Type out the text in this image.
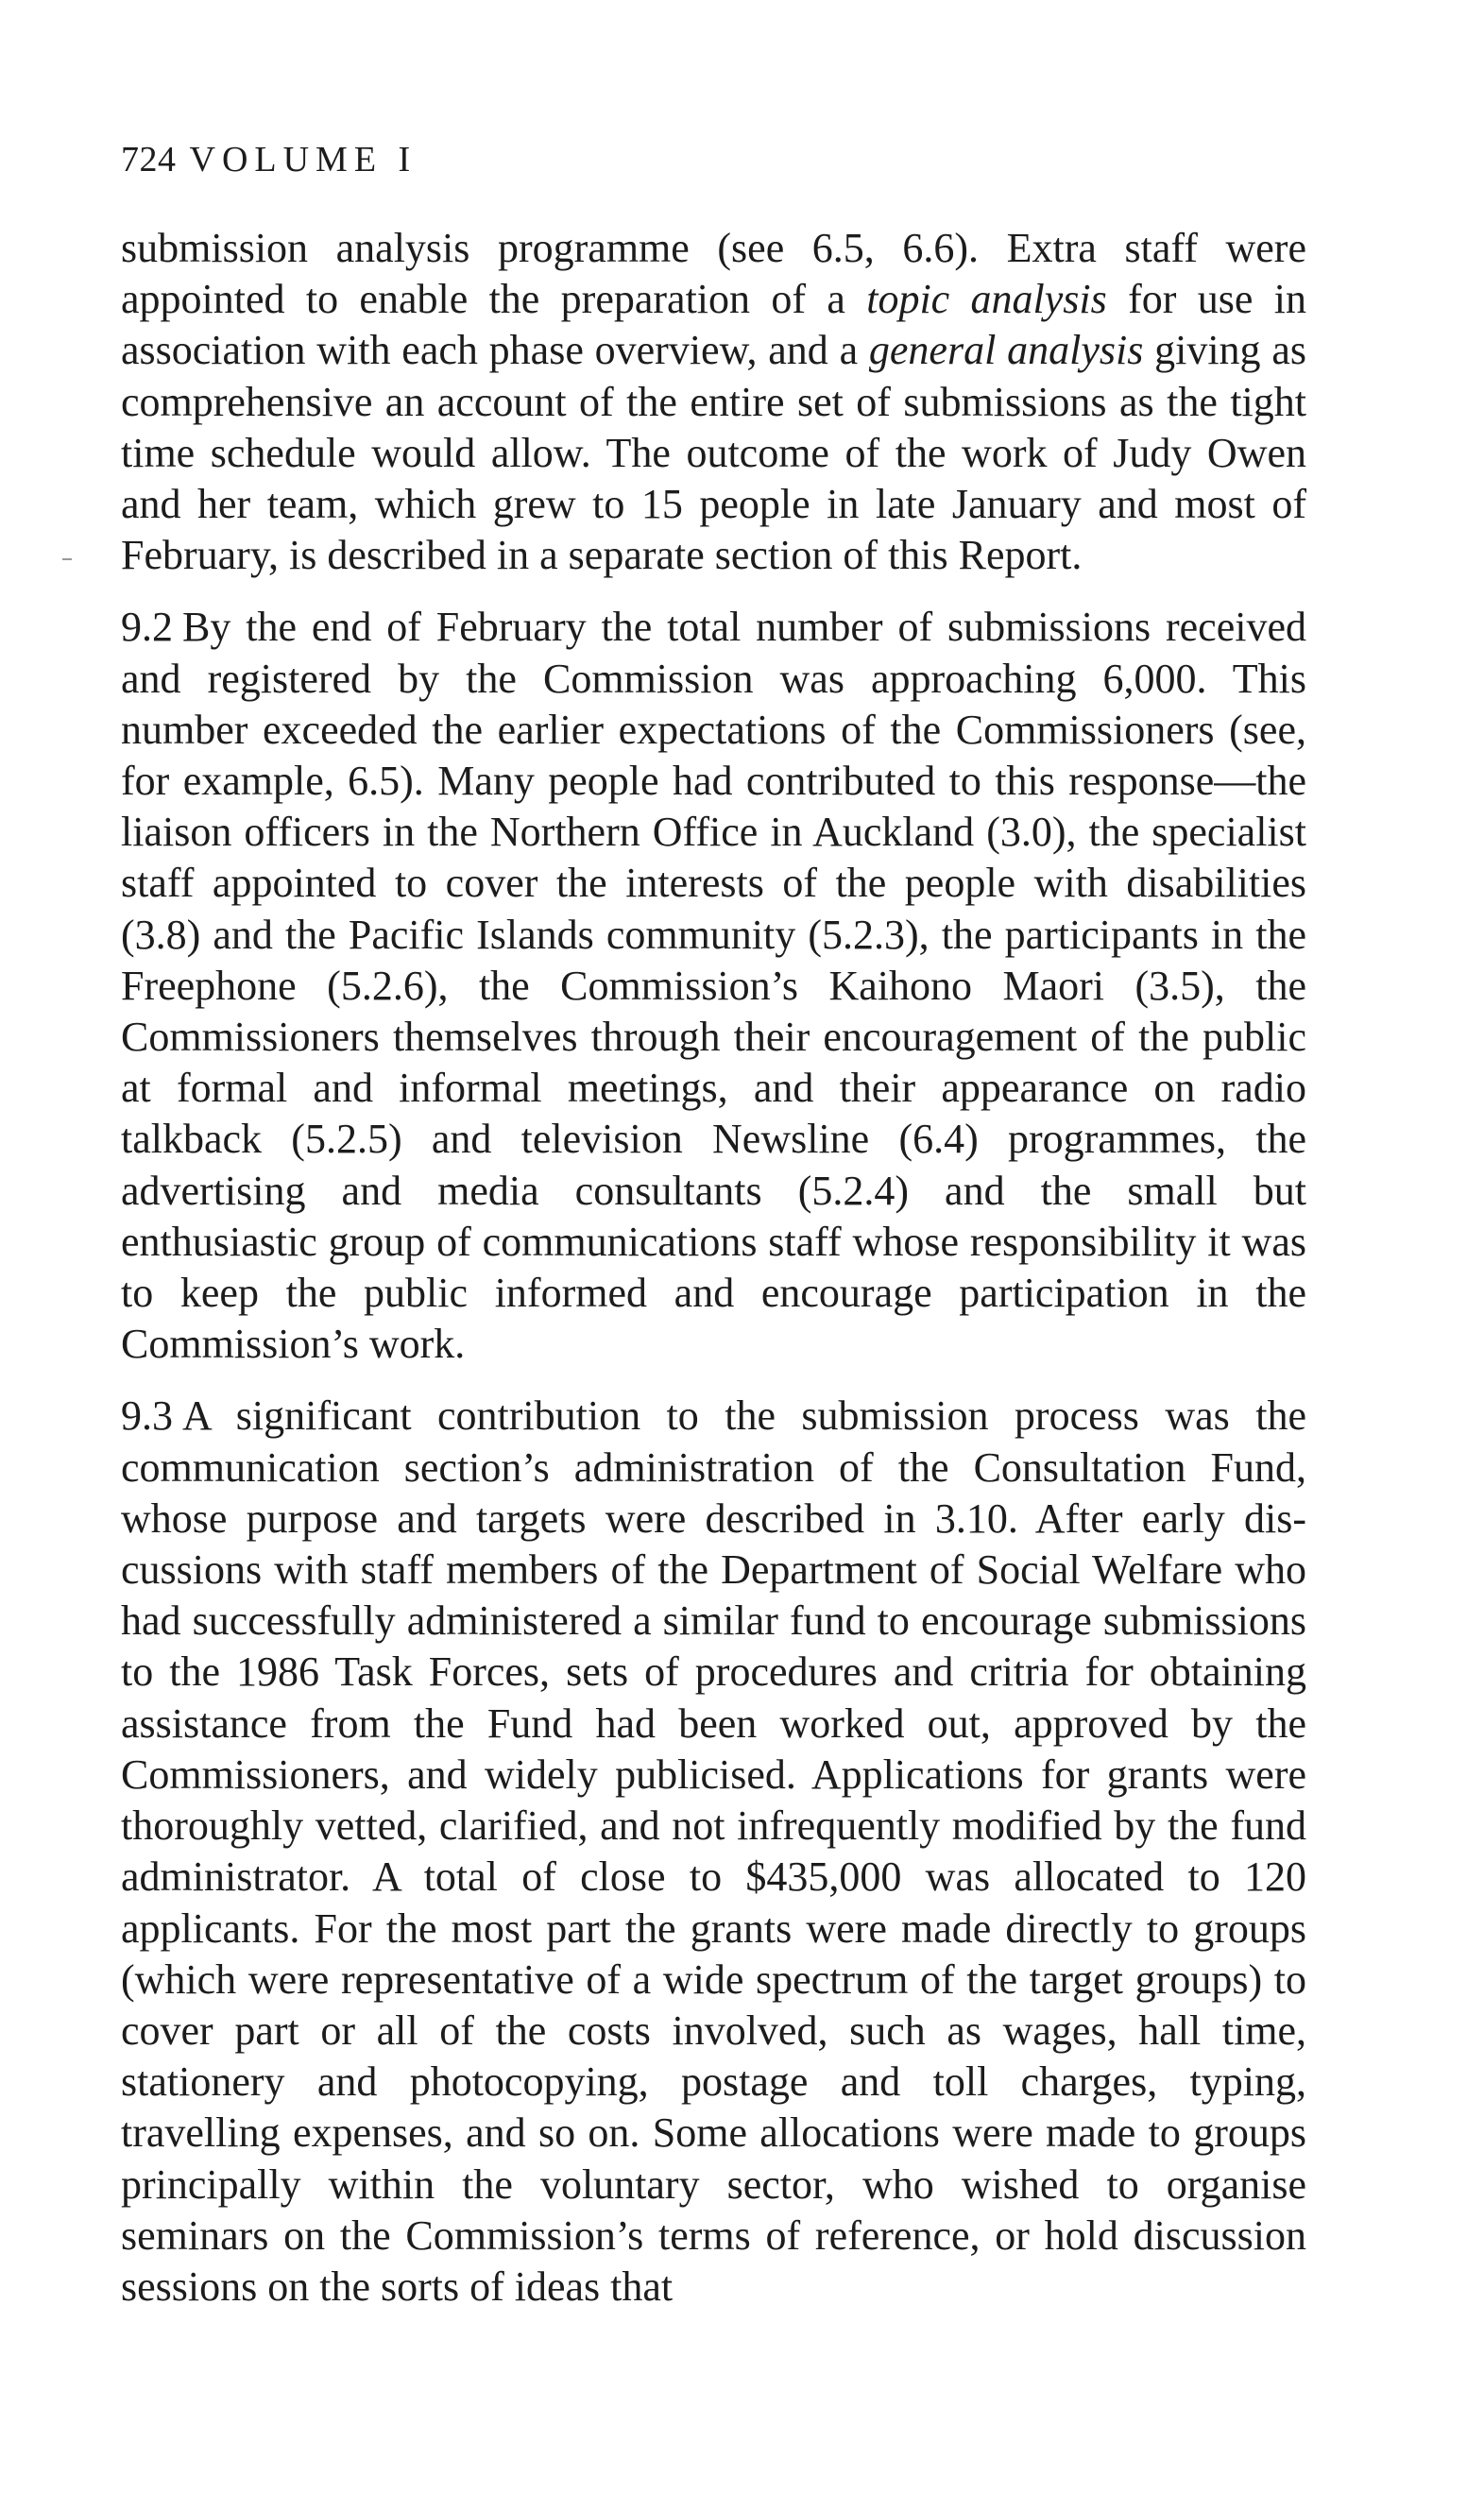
724 VOLUME I

submission analysis programme (see 6.5, 6.6). Extra staff were appointed to enable the preparation of a topic analysis for use in association with each phase overview, and a general analysis giving as comprehensive an account of the entire set of submissions as the tight time schedule would allow. The outcome of the work of Judy Owen and her team, which grew to 15 people in late January and most of February, is described in a separate section of this Report.

9.2 By the end of February the total number of submissions received and registered by the Commission was approaching 6,000. This number exceeded the earlier expectations of the Commissioners (see, for example, 6.5). Many people had contributed to this response—the liaison officers in the Northern Office in Auckland (3.0), the specialist staff appointed to cover the interests of the people with disabilities (3.8) and the Pacific Islands community (5.2.3), the participants in the Freephone (5.2.6), the Commission’s Kaihono Maori (3.5), the Commissioners themselves through their encouragement of the public at formal and informal meetings, and their appearance on radio talkback (5.2.5) and television Newsline (6.4) programmes, the advertising and media consultants (5.2.4) and the small but enthusiastic group of communications staff whose responsibility it was to keep the public informed and encourage participation in the Commission’s work.

9.3 A significant contribution to the submission process was the communication section’s administration of the Consultation Fund, whose purpose and targets were described in 3.10. After early discussions with staff members of the Department of Social Welfare who had successfully administered a similar fund to encourage submissions to the 1986 Task Forces, sets of procedures and critria for obtaining assistance from the Fund had been worked out, approved by the Commissioners, and widely publicised. Applications for grants were thoroughly vetted, clarified, and not infrequently modified by the fund administrator. A total of close to $435,000 was allocated to 120 applicants. For the most part the grants were made directly to groups (which were representative of a wide spectrum of the target groups) to cover part or all of the costs involved, such as wages, hall time, stationery and photocopying, postage and toll charges, typing, travelling expenses, and so on. Some allocations were made to groups principally within the voluntary sector, who wished to organise seminars on the Commission’s terms of reference, or hold discussion sessions on the sorts of ideas that
